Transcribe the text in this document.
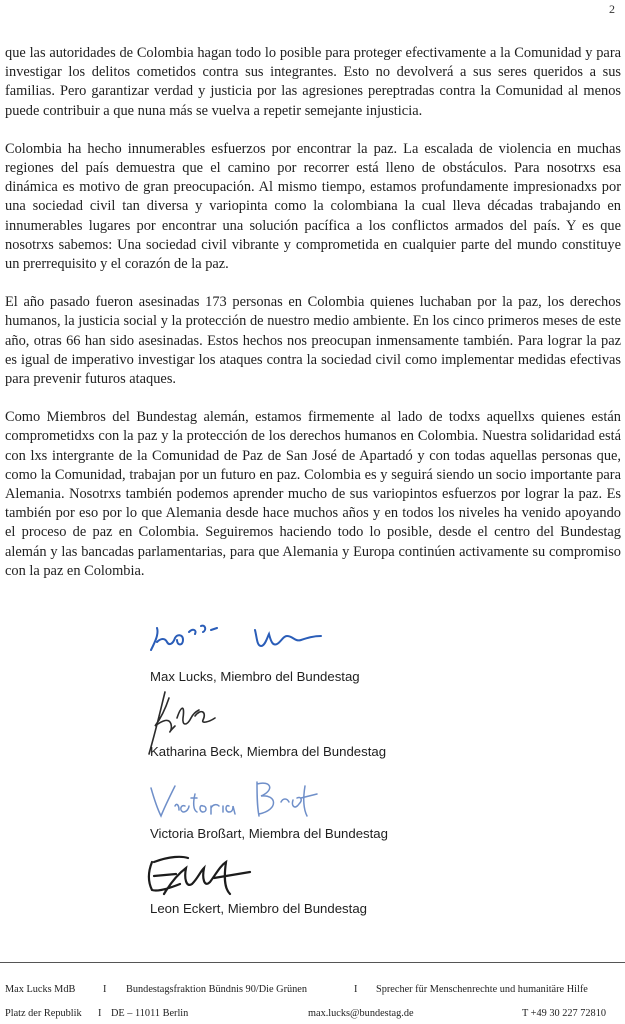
2

que las autoridades de Colombia hagan todo lo posible para proteger efectivamente a la Comunidad y para investigar los delitos cometidos contra sus integrantes. Esto no devolverá a sus seres queridos a sus familias. Pero garantizar verdad y justicia por las agresiones pereptradas contra la Comunidad al menos puede contribuir a que nuna más se vuelva a repetir semejante injusticia.

Colombia ha hecho innumerables esfuerzos por encontrar la paz. La escalada de violencia en muchas regiones del país demuestra que el camino por recorrer está lleno de obstáculos. Para nosotrxs esa dinámica es motivo de gran preocupación. Al mismo tiempo, estamos profundamente impresionadxs por una sociedad civil tan diversa y variopinta como la colombiana la cual lleva décadas trabajando en innumerables lugares por encontrar una solución pacífica a los conflictos armados del país. Y es que nosotrxs sabemos: Una sociedad civil vibrante y comprometida en cualquier parte del mundo constituye un prerrequisito y el corazón de la paz.

El año pasado fueron asesinadas 173 personas en Colombia quienes luchaban por la paz, los derechos humanos, la justicia social y la protección de nuestro medio ambiente. En los cinco primeros meses de este año, otras 66 han sido asesinadas. Estos hechos nos preocupan inmensamente también. Para lograr la paz es igual de imperativo investigar los ataques contra la sociedad civil como implementar medidas efectivas para prevenir futuros ataques.

Como Miembros del Bundestag alemán, estamos firmemente al lado de todxs aquellxs quienes están comprometidxs con la paz y la protección de los derechos humanos en Colombia. Nuestra solidaridad está con lxs intergrante de la Comunidad de Paz de San José de Apartadó y con todas aquellas personas que, como la Comunidad, trabajan por un futuro en paz. Colombia es y seguirá siendo un socio importante para Alemania. Nosotrxs también podemos aprender mucho de sus variopintos esfuerzos por lograr la paz. Es también por eso por lo que Alemania desde hace muchos años y en todos los niveles ha venido apoyando el proceso de paz en Colombia. Seguiremos haciendo todo lo posible, desde el centro del Bundestag alemán y las bancadas parlamentarias, para que Alemania y Europa continúen activamente su compromiso con la paz en Colombia.

Max Lucks, Miembro del Bundestag
Katharina Beck, Miembra del Bundestag
Victoria Broßart, Miembra del Bundestag
Leon Eckert, Miembro del Bundestag
Max Lucks MdB	I Bundestagsfraktion Bündnis 90/Die Grünen	I Sprecher für Menschenrechte und humanitäre Hilfe
Platz der Republik I DE – 11011 Berlin	max.lucks@bundestag.de	T +49 30 227 72810
